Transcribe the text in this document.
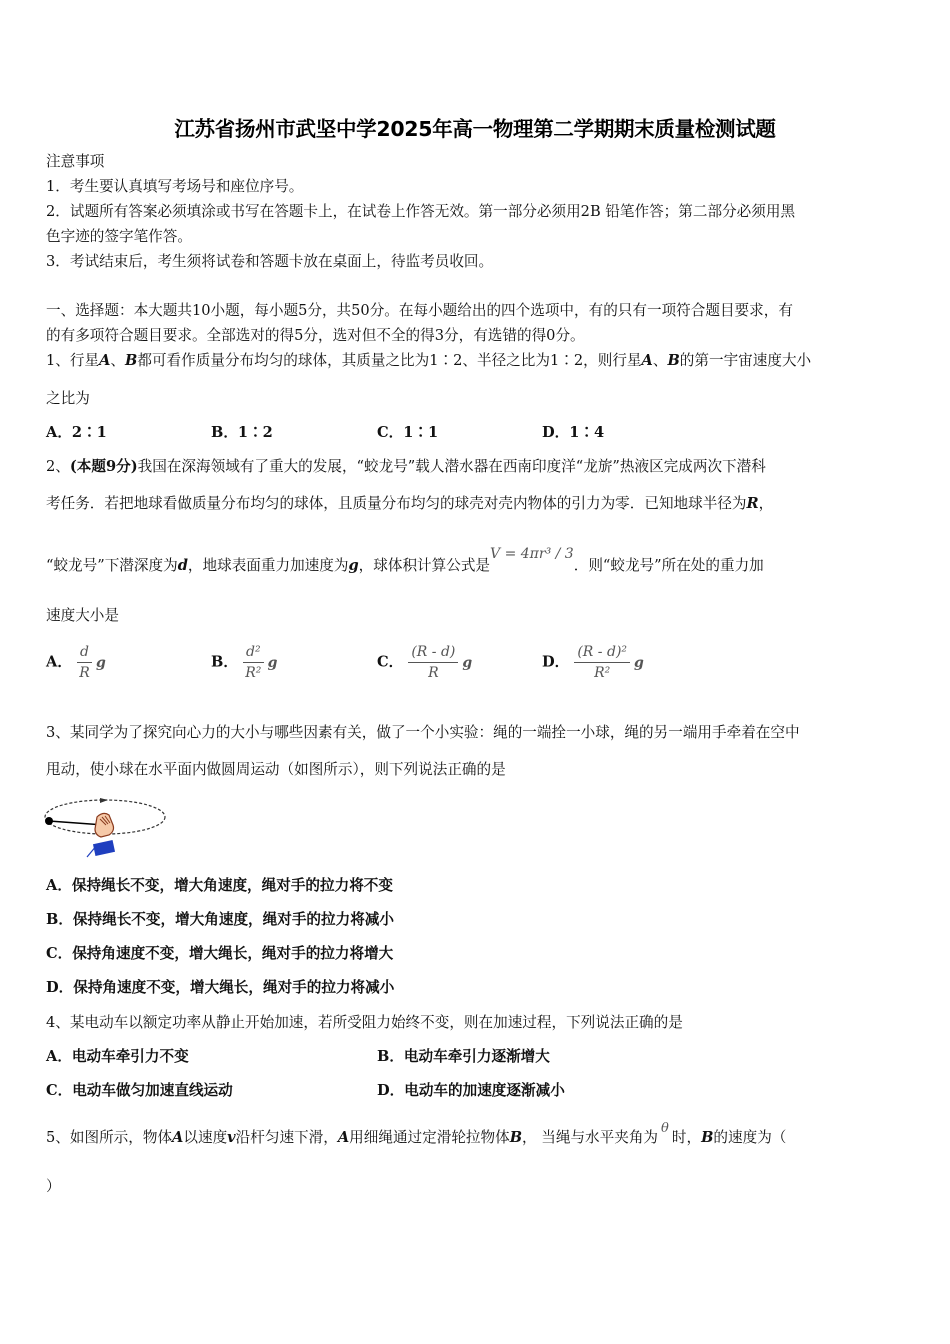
江苏省扬州市武坚中学2025年高一物理第二学期期末质量检测试题
注意事项
1．考生要认真填写考场号和座位序号。
2．试题所有答案必须填涂或书写在答题卡上，在试卷上作答无效。第一部分必须用2B 铅笔作答；第二部分必须用黑
色字迹的签字笔作答。
3．考试结束后，考生须将试卷和答题卡放在桌面上，待监考员收回。
一、选择题：本大题共10小题，每小题5分，共50分。在每小题给出的四个选项中，有的只有一项符合题目要求，有
的有多项符合题目要求。全部选对的得5分，选对但不全的得3分，有选错的得0分。
1、行星A、B都可看作质量分布均匀的球体，其质量之比为1∶2、半径之比为1∶2，则行星A、B的第一宇宙速度大小
之比为
A．2∶1	B．1∶2	C．1∶1	D．1∶4
2、(本题9分)我国在深海领域有了重大的发展，“蛟龙号”载人潜水器在西南印度洋“龙旂”热液区完成两次下潜科
考任务．若把地球看做质量分布均匀的球体，且质量分布均匀的球壳对壳内物体的引力为零．已知地球半径为R，
“蛟龙号”下潜深度为d，地球表面重力加速度为g，球体积计算公式是V = 4πr³ / 3．则“蛟龙号”所在处的重力加
速度大小是
A． $\frac{d}{R}$ g	B． $\frac{\text{d²}}{\text{R²}}$ g	C． $\frac{(R - d)}{R}$ g	D． $\frac{\text{(R - d)²}}{\text{R²}}$ g
3、某同学为了探究向心力的大小与哪些因素有关，做了一个小实验：绳的一端拴一小球，绳的另一端用手牵着在空中
甩动，使小球在水平面内做圆周运动（如图所示），则下列说法正确的是
A．保持绳长不变，增大角速度，绳对手的拉力将不变
B．保持绳长不变，增大角速度，绳对手的拉力将减小
C．保持角速度不变，增大绳长，绳对手的拉力将增大
D．保持角速度不变，增大绳长，绳对手的拉力将减小
4、某电动车以额定功率从静止开始加速，若所受阻力始终不变，则在加速过程，下列说法正确的是
A．电动车牵引力不变	B．电动车牵引力逐渐增大
C．电动车做匀加速直线运动	D．电动车的加速度逐渐减小
5、如图所示，物体A以速度v沿杆匀速下滑，A用细绳通过定滑轮拉物体B， 当绳与水平夹角为θ时，B的速度为（
）
